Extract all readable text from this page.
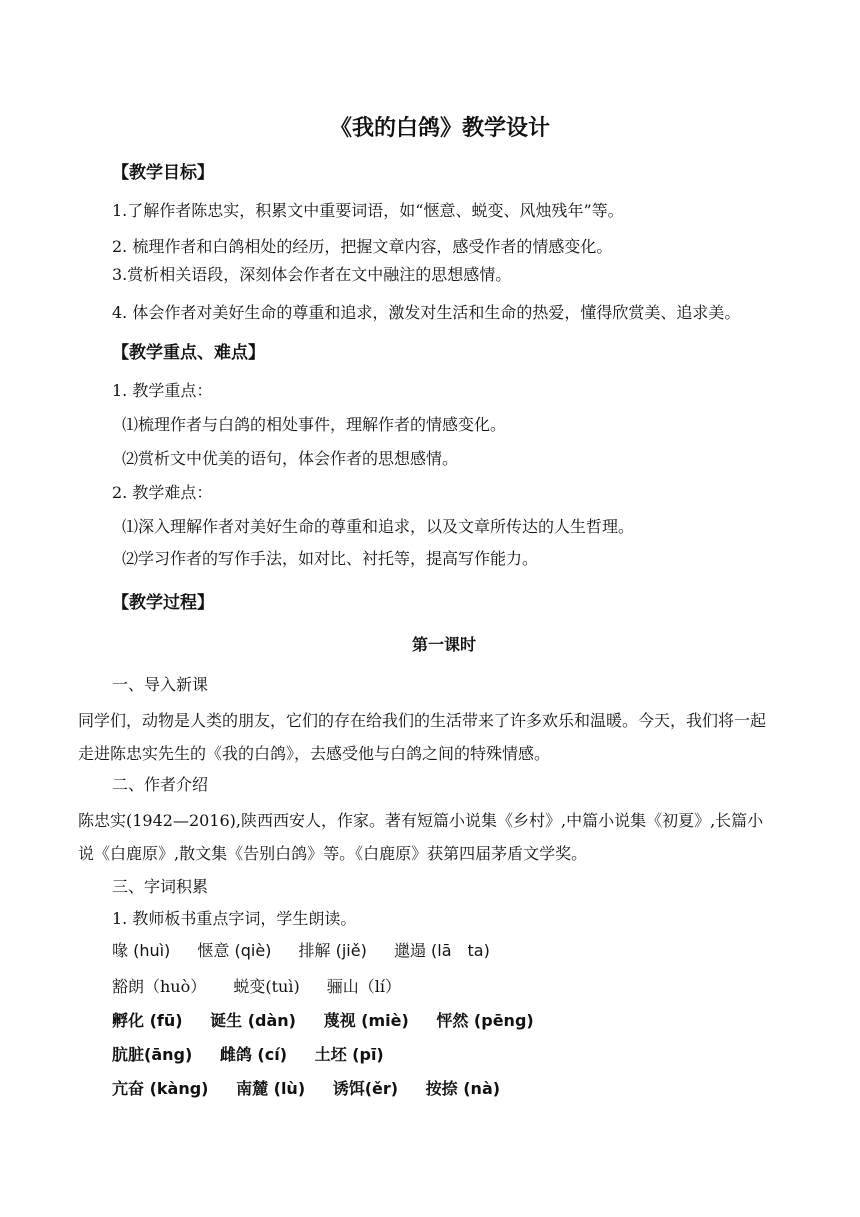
《我的白鸽》教学设计
【教学目标】
1.了解作者陈忠实，积累文中重要词语，如“惬意、蜕变、风烛残年”等。
2. 梳理作者和白鸽相处的经历，把握文章内容，感受作者的情感变化。
3.赏析相关语段，深刻体会作者在文中融注的思想感情。
4. 体会作者对美好生命的尊重和追求，激发对生活和生命的热爱，懂得欣赏美、追求美。
【教学重点、难点】
1. 教学重点：
⑴梳理作者与白鸽的相处事件，理解作者的情感变化。
⑵赏析文中优美的语句，体会作者的思想感情。
2. 教学难点：
⑴深入理解作者对美好生命的尊重和追求，以及文章所传达的人生哲理。
⑵学习作者的写作手法，如对比、衬托等，提高写作能力。
【教学过程】
第一课时
一、导入新课
同学们，动物是人类的朋友，它们的存在给我们的生活带来了许多欢乐和温暖。今天，我们将一起走进陈忠实先生的《我的白鸽》，去感受他与白鸽之间的特殊情感。
二、作者介绍
陈忠实(1942—2016),陕西西安人，作家。著有短篇小说集《乡村》,中篇小说集《初夏》,长篇小说《白鹿原》,散文集《告别白鸽》等。《白鹿原》获第四届茅盾文学奖。
三、字词积累
1. 教师板书重点字词，学生朗读。
喙 (huì) 惬意 (qiè) 排解 (jiě) 邋遢 (lā　ta)
豁朗（huò） 蜕变(tuì) 骊山（lí）
孵化 (fū) 诞生 (dàn) 蔑视 (miè) 怦然 (pēng)
肮脏(āng) 雌鸽 (cí) 土坯 (pī)
亢奋 (kàng) 南麓 (lù) 诱饵(ěr) 按捺 (nà)
